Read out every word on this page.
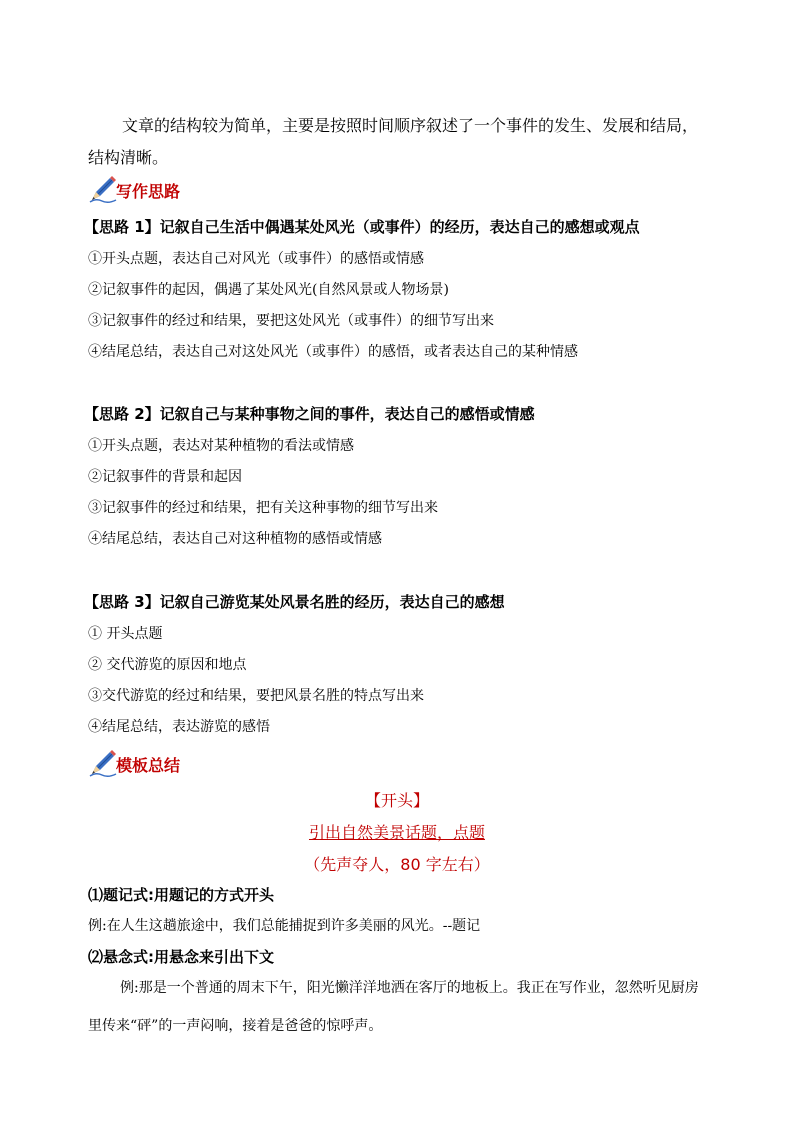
文章的结构较为简单，主要是按照时间顺序叙述了一个事件的发生、发展和结局，结构清晰。
写作思路
【思路 1】记叙自己生活中偶遇某处风光（或事件）的经历，表达自己的感想或观点
①开头点题，表达自己对风光（或事件）的感悟或情感
②记叙事件的起因，偶遇了某处风光(自然风景或人物场景)
③记叙事件的经过和结果，要把这处风光（或事件）的细节写出来
④结尾总结，表达自己对这处风光（或事件）的感悟，或者表达自己的某种情感
【思路 2】记叙自己与某种事物之间的事件，表达自己的感悟或情感
①开头点题，表达对某种植物的看法或情感
②记叙事件的背景和起因
③记叙事件的经过和结果，把有关这种事物的细节写出来
④结尾总结，表达自己对这种植物的感悟或情感
【思路 3】记叙自己游览某处风景名胜的经历，表达自己的感想
① 开头点题
② 交代游览的原因和地点
③交代游览的经过和结果，要把风景名胜的特点写出来
④结尾总结，表达游览的感悟
模板总结
【开头】
引出自然美景话题，点题
（先声夺人，80 字左右）
⑴题记式:用题记的方式开头
例:在人生这趟旅途中，我们总能捕捉到许多美丽的风光。--题记
⑵悬念式:用悬念来引出下文
例:那是一个普通的周末下午，阳光懒洋洋地洒在客厅的地板上。我正在写作业，忽然听见厨房里传来“砰”的一声闷响，接着是爸爸的惊呼声。
